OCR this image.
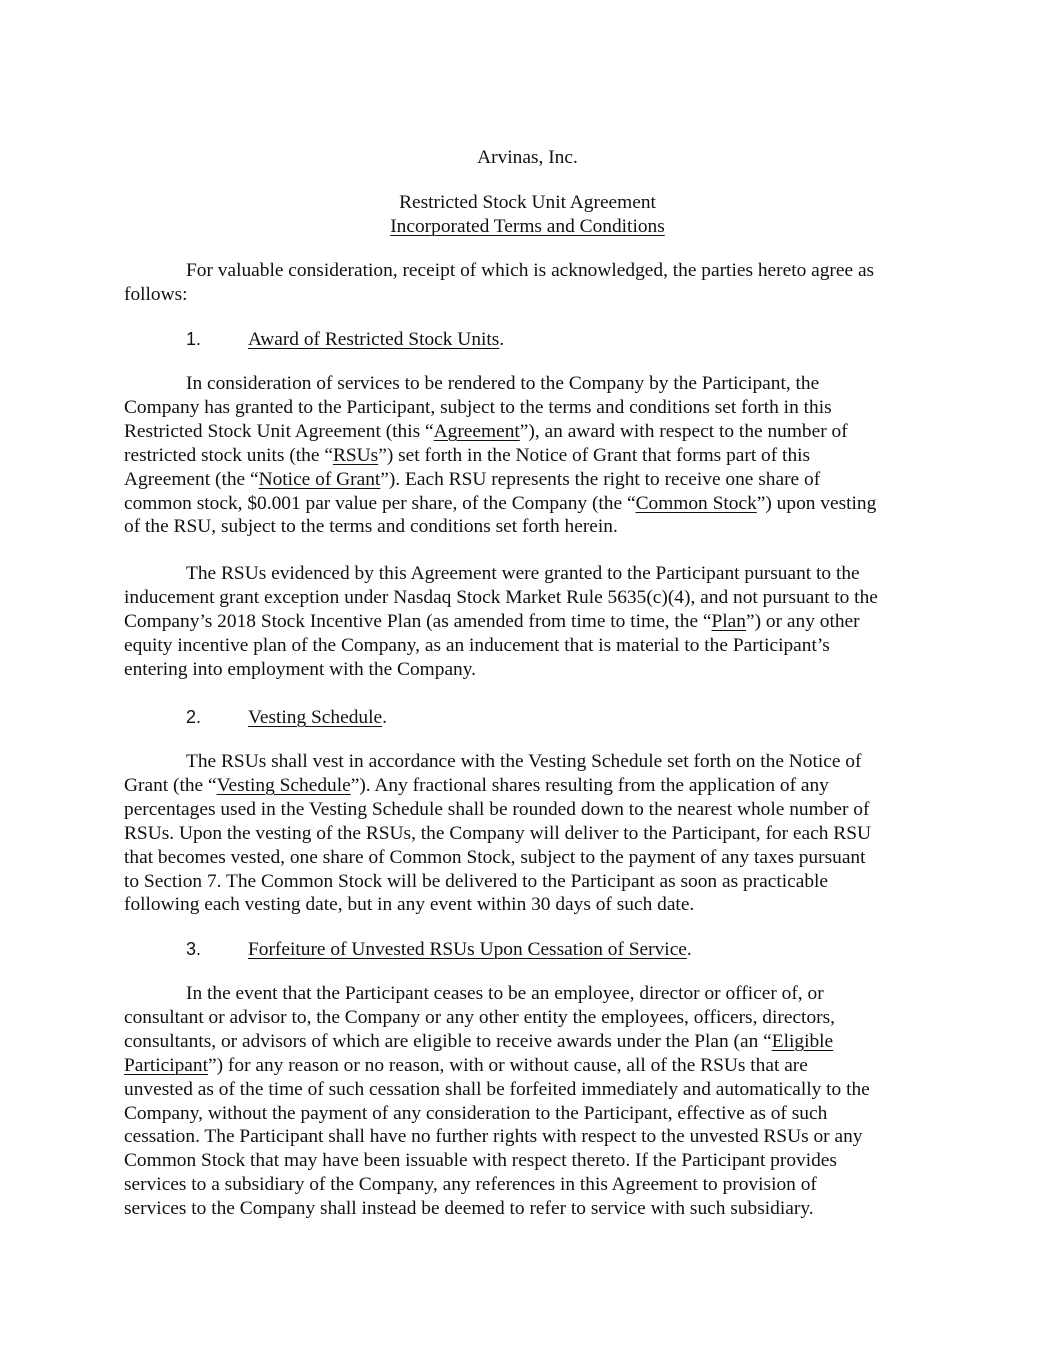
Arvinas, Inc.
Restricted Stock Unit Agreement
Incorporated Terms and Conditions
For valuable consideration, receipt of which is acknowledged, the parties hereto agree as
follows:
1. Award of Restricted Stock Units.
In consideration of services to be rendered to the Company by the Participant, the
Company has granted to the Participant, subject to the terms and conditions set forth in this
Restricted Stock Unit Agreement (this “Agreement”), an award with respect to the number of
restricted stock units (the “RSUs”) set forth in the Notice of Grant that forms part of this
Agreement (the “Notice of Grant”). Each RSU represents the right to receive one share of
common stock, $0.001 par value per share, of the Company (the “Common Stock”) upon vesting
of the RSU, subject to the terms and conditions set forth herein.
The RSUs evidenced by this Agreement were granted to the Participant pursuant to the
inducement grant exception under Nasdaq Stock Market Rule 5635(c)(4), and not pursuant to the
Company’s 2018 Stock Incentive Plan (as amended from time to time, the “Plan”) or any other
equity incentive plan of the Company, as an inducement that is material to the Participant’s
entering into employment with the Company.
2. Vesting Schedule.
The RSUs shall vest in accordance with the Vesting Schedule set forth on the Notice of
Grant (the “Vesting Schedule”). Any fractional shares resulting from the application of any
percentages used in the Vesting Schedule shall be rounded down to the nearest whole number of
RSUs. Upon the vesting of the RSUs, the Company will deliver to the Participant, for each RSU
that becomes vested, one share of Common Stock, subject to the payment of any taxes pursuant
to Section 7. The Common Stock will be delivered to the Participant as soon as practicable
following each vesting date, but in any event within 30 days of such date.
3. Forfeiture of Unvested RSUs Upon Cessation of Service.
In the event that the Participant ceases to be an employee, director or officer of, or
consultant or advisor to, the Company or any other entity the employees, officers, directors,
consultants, or advisors of which are eligible to receive awards under the Plan (an “Eligible
Participant”) for any reason or no reason, with or without cause, all of the RSUs that are
unvested as of the time of such cessation shall be forfeited immediately and automatically to the
Company, without the payment of any consideration to the Participant, effective as of such
cessation. The Participant shall have no further rights with respect to the unvested RSUs or any
Common Stock that may have been issuable with respect thereto. If the Participant provides
services to a subsidiary of the Company, any references in this Agreement to provision of
services to the Company shall instead be deemed to refer to service with such subsidiary.
